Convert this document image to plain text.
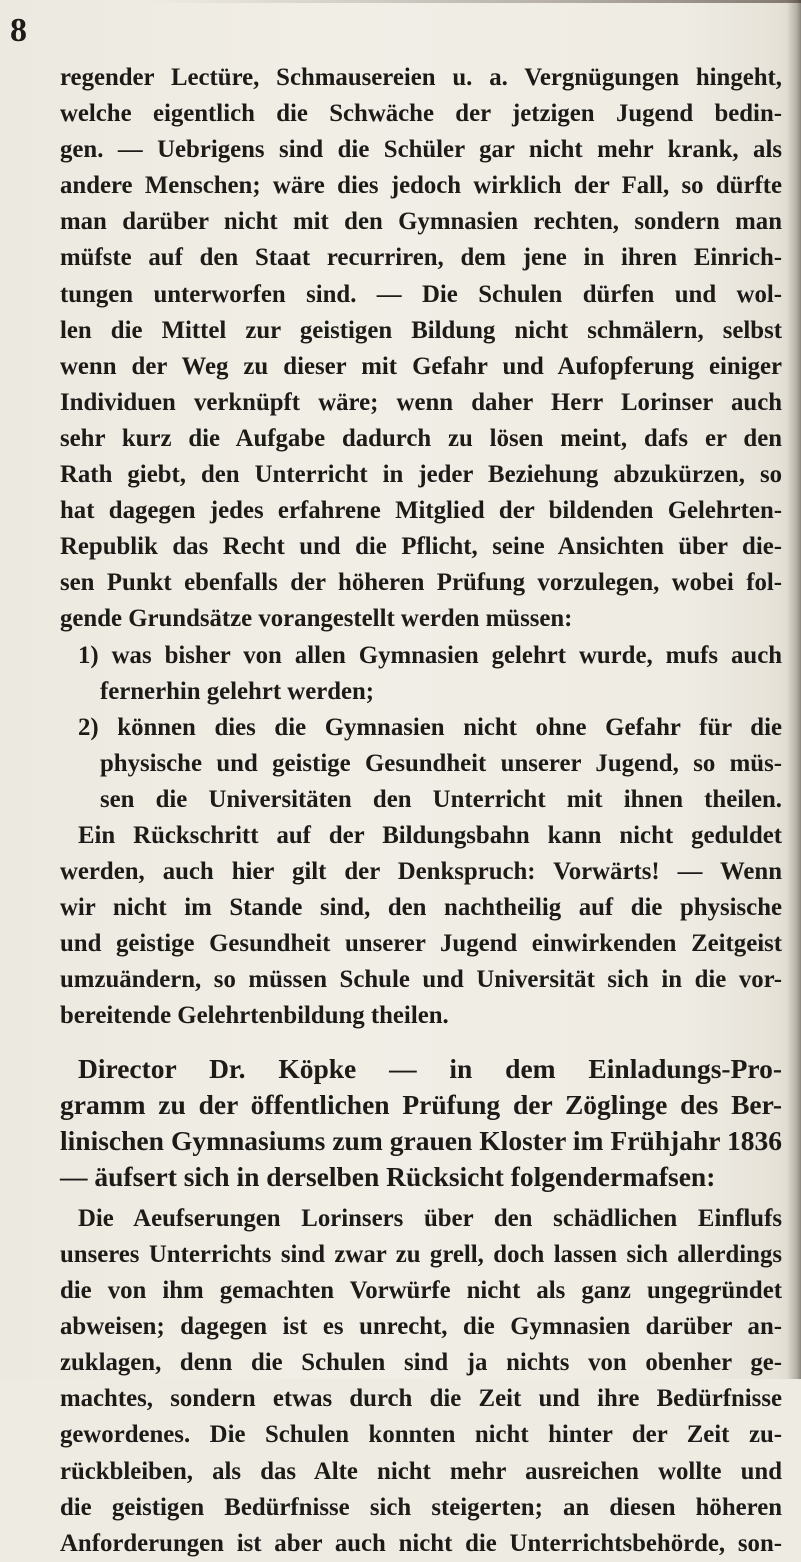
8
regender Lectüre, Schmausereien u. a. Vergnügungen hingeht,
welche eigentlich die Schwäche der jetzigen Jugend bedin-
gen. — Uebrigens sind die Schüler gar nicht mehr krank, als
andere Menschen; wäre dies jedoch wirklich der Fall, so dürfte
man darüber nicht mit den Gymnasien rechten, sondern man
müfste auf den Staat recurriren, dem jene in ihren Einrich-
tungen unterworfen sind. — Die Schulen dürfen und wol-
len die Mittel zur geistigen Bildung nicht schmälern, selbst
wenn der Weg zu dieser mit Gefahr und Aufopferung einiger
Individuen verknüpft wäre; wenn daher Herr Lorinser auch
sehr kurz die Aufgabe dadurch zu lösen meint, dafs er den
Rath giebt, den Unterricht in jeder Beziehung abzukürzen, so
hat dagegen jedes erfahrene Mitglied der bildenden Gelehrten-
Republik das Recht und die Pflicht, seine Ansichten über die-
sen Punkt ebenfalls der höheren Prüfung vorzulegen, wobei fol-
gende Grundsätze vorangestellt werden müssen:
1) was bisher von allen Gymnasien gelehrt wurde, mufs auch
fernerhin gelehrt werden;
2) können dies die Gymnasien nicht ohne Gefahr für die
physische und geistige Gesundheit unserer Jugend, so müs-
sen die Universitäten den Unterricht mit ihnen theilen.
Ein Rückschritt auf der Bildungsbahn kann nicht geduldet
werden, auch hier gilt der Denkspruch: Vorwärts! — Wenn
wir nicht im Stande sind, den nachtheilig auf die physische
und geistige Gesundheit unserer Jugend einwirkenden Zeitgeist
umzuändern, so müssen Schule und Universität sich in die vor-
bereitende Gelehrtenbildung theilen.
Director Dr. Köpke — in dem Einladungs-Pro-
gramm zu der öffentlichen Prüfung der Zöglinge des Ber-
linischen Gymnasiums zum grauen Kloster im Frühjahr 1836
— äufsert sich in derselben Rücksicht folgendermafsen:
Die Aeufserungen Lorinsers über den schädlichen Einflufs
unseres Unterrichts sind zwar zu grell, doch lassen sich allerdings
die von ihm gemachten Vorwürfe nicht als ganz ungegründet
abweisen; dagegen ist es unrecht, die Gymnasien darüber an-
zuklagen, denn die Schulen sind ja nichts von obenher ge-
machtes, sondern etwas durch die Zeit und ihre Bedürfnisse
gewordenes. Die Schulen konnten nicht hinter der Zeit zu-
rückbleiben, als das Alte nicht mehr ausreichen wollte und
die geistigen Bedürfnisse sich steigerten; an diesen höheren
Anforderungen ist aber auch nicht die Unterrichtsbehörde, son-
